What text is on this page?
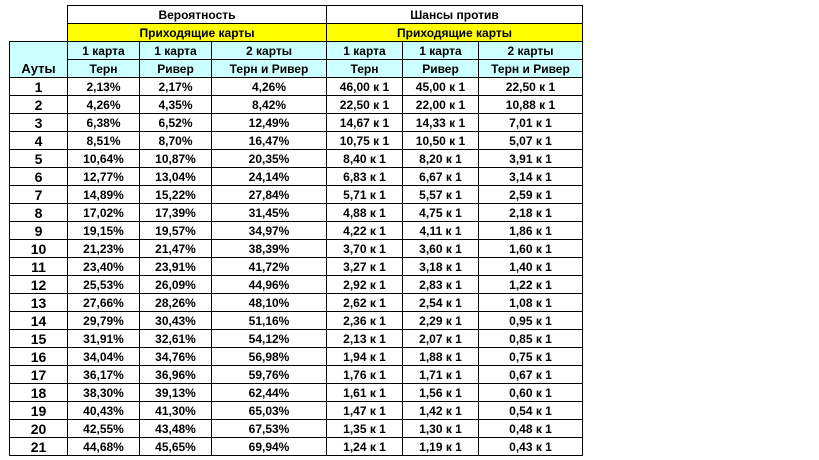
	Вероятность			Шансы против		
	Приходящие карты			Приходящие карты		
Ауты	1 карта	1 карта	2 карты	1 карта	1 карта	2 карты
	Терн	Ривер	Терн и Ривер	Терн	Ривер	Терн и Ривер
1	2,13%	2,17%	4,26%	46,00 к 1	45,00 к 1	22,50 к 1
2	4,26%	4,35%	8,42%	22,50 к 1	22,00 к 1	10,88 к 1
3	6,38%	6,52%	12,49%	14,67 к 1	14,33 к 1	7,01 к 1
4	8,51%	8,70%	16,47%	10,75 к 1	10,50 к 1	5,07 к 1
5	10,64%	10,87%	20,35%	8,40 к 1	8,20 к 1	3,91 к 1
6	12,77%	13,04%	24,14%	6,83 к 1	6,67 к 1	3,14 к 1
7	14,89%	15,22%	27,84%	5,71 к 1	5,57 к 1	2,59 к 1
8	17,02%	17,39%	31,45%	4,88 к 1	4,75 к 1	2,18 к 1
9	19,15%	19,57%	34,97%	4,22 к 1	4,11 к 1	1,86 к 1
10	21,23%	21,47%	38,39%	3,70 к 1	3,60 к 1	1,60 к 1
11	23,40%	23,91%	41,72%	3,27 к 1	3,18 к 1	1,40 к 1
12	25,53%	26,09%	44,96%	2,92 к 1	2,83 к 1	1,22 к 1
13	27,66%	28,26%	48,10%	2,62 к 1	2,54 к 1	1,08 к 1
14	29,79%	30,43%	51,16%	2,36 к 1	2,29 к 1	0,95 к 1
15	31,91%	32,61%	54,12%	2,13 к 1	2,07 к 1	0,85 к 1
16	34,04%	34,76%	56,98%	1,94 к 1	1,88 к 1	0,75 к 1
17	36,17%	36,96%	59,76%	1,76 к 1	1,71 к 1	0,67 к 1
18	38,30%	39,13%	62,44%	1,61 к 1	1,56 к 1	0,60 к 1
19	40,43%	41,30%	65,03%	1,47 к 1	1,42 к 1	0,54 к 1
20	42,55%	43,48%	67,53%	1,35 к 1	1,30 к 1	0,48 к 1
21	44,68%	45,65%	69,94%	1,24 к 1	1,19 к 1	0,43 к 1
